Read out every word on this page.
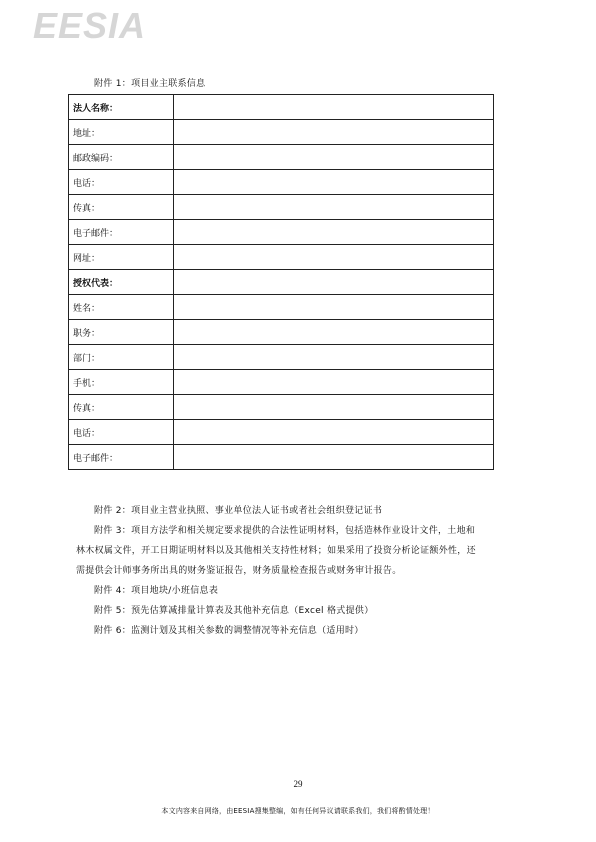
EESIA
附件 1：项目业主联系信息
法人名称：	
地址：	
邮政编码：	
电话：	
传真：	
电子邮件：	
网址：	
授权代表：	
姓名：	
职务：	
部门：	
手机：	
传真：	
电话：	
电子邮件：	

附件 2：项目业主营业执照、事业单位法人证书或者社会组织登记证书

附件 3：项目方法学和相关规定要求提供的合法性证明材料，包括造林作业设计文件，土地和

林木权属文件，开工日期证明材料以及其他相关支持性材料；如果采用了投资分析论证额外性，还

需提供会计师事务所出具的财务鉴证报告，财务质量检查报告或财务审计报告。

附件 4：项目地块/小班信息表

附件 5：预先估算减排量计算表及其他补充信息（Excel 格式提供）

附件 6：监测计划及其相关参数的调整情况等补充信息（适用时）

29
本文内容来自网络，由EESIA搜集整编，如有任何异议请联系我们，我们将酌情处理！
